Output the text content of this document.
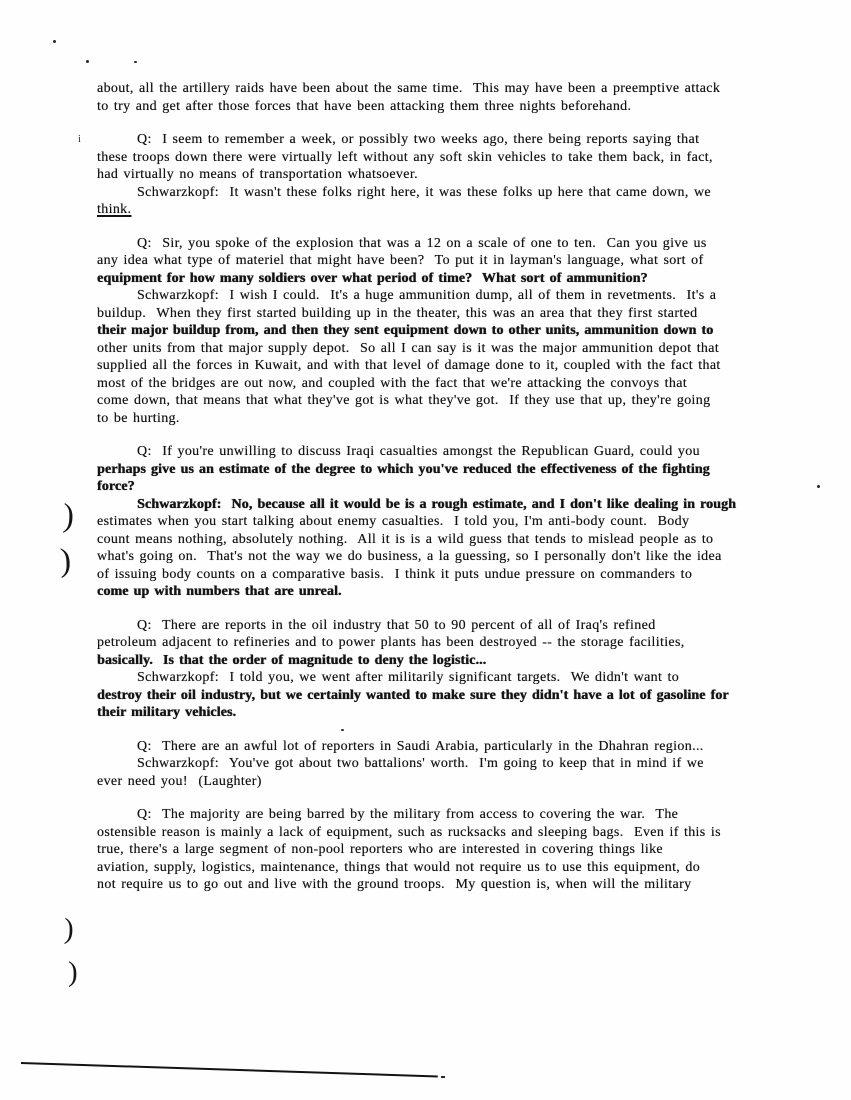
i
)
)
)
)
about, all the artillery raids have been about the same time.  This may have been a preemptive attack
to try and get after those forces that have been attacking them three nights beforehand.
Q:  I seem to remember a week, or possibly two weeks ago, there being reports saying that
these troops down there were virtually left without any soft skin vehicles to take them back, in fact,
had virtually no means of transportation whatsoever.
Schwarzkopf:  It wasn't these folks right here, it was these folks up here that came down, we
think.
Q:  Sir, you spoke of the explosion that was a 12 on a scale of one to ten.  Can you give us
any idea what type of materiel that might have been?  To put it in layman's language, what sort of
equipment for how many soldiers over what period of time?  What sort of ammunition?
Schwarzkopf:  I wish I could.  It's a huge ammunition dump, all of them in revetments.  It's a
buildup.  When they first started building up in the theater, this was an area that they first started
their major buildup from, and then they sent equipment down to other units, ammunition down to
other units from that major supply depot.  So all I can say is it was the major ammunition depot that
supplied all the forces in Kuwait, and with that level of damage done to it, coupled with the fact that
most of the bridges are out now, and coupled with the fact that we're attacking the convoys that
come down, that means that what they've got is what they've got.  If they use that up, they're going
to be hurting.
Q:  If you're unwilling to discuss Iraqi casualties amongst the Republican Guard, could you
perhaps give us an estimate of the degree to which you've reduced the effectiveness of the fighting
force?
Schwarzkopf:  No, because all it would be is a rough estimate, and I don't like dealing in rough
estimates when you start talking about enemy casualties.  I told you, I'm anti-body count.  Body
count means nothing, absolutely nothing.  All it is is a wild guess that tends to mislead people as to
what's going on.  That's not the way we do business, a la guessing, so I personally don't like the idea
of issuing body counts on a comparative basis.  I think it puts undue pressure on commanders to
come up with numbers that are unreal.
Q:  There are reports in the oil industry that 50 to 90 percent of all of Iraq's refined
petroleum adjacent to refineries and to power plants has been destroyed -- the storage facilities,
basically.  Is that the order of magnitude to deny the logistic...
Schwarzkopf:  I told you, we went after militarily significant targets.  We didn't want to
destroy their oil industry, but we certainly wanted to make sure they didn't have a lot of gasoline for
their military vehicles.
Q:  There are an awful lot of reporters in Saudi Arabia, particularly in the Dhahran region...
Schwarzkopf:  You've got about two battalions' worth.  I'm going to keep that in mind if we
ever need you!  (Laughter)
Q:  The majority are being barred by the military from access to covering the war.  The
ostensible reason is mainly a lack of equipment, such as rucksacks and sleeping bags.  Even if this is
true, there's a large segment of non-pool reporters who are interested in covering things like
aviation, supply, logistics, maintenance, things that would not require us to use this equipment, do
not require us to go out and live with the ground troops.  My question is, when will the military
